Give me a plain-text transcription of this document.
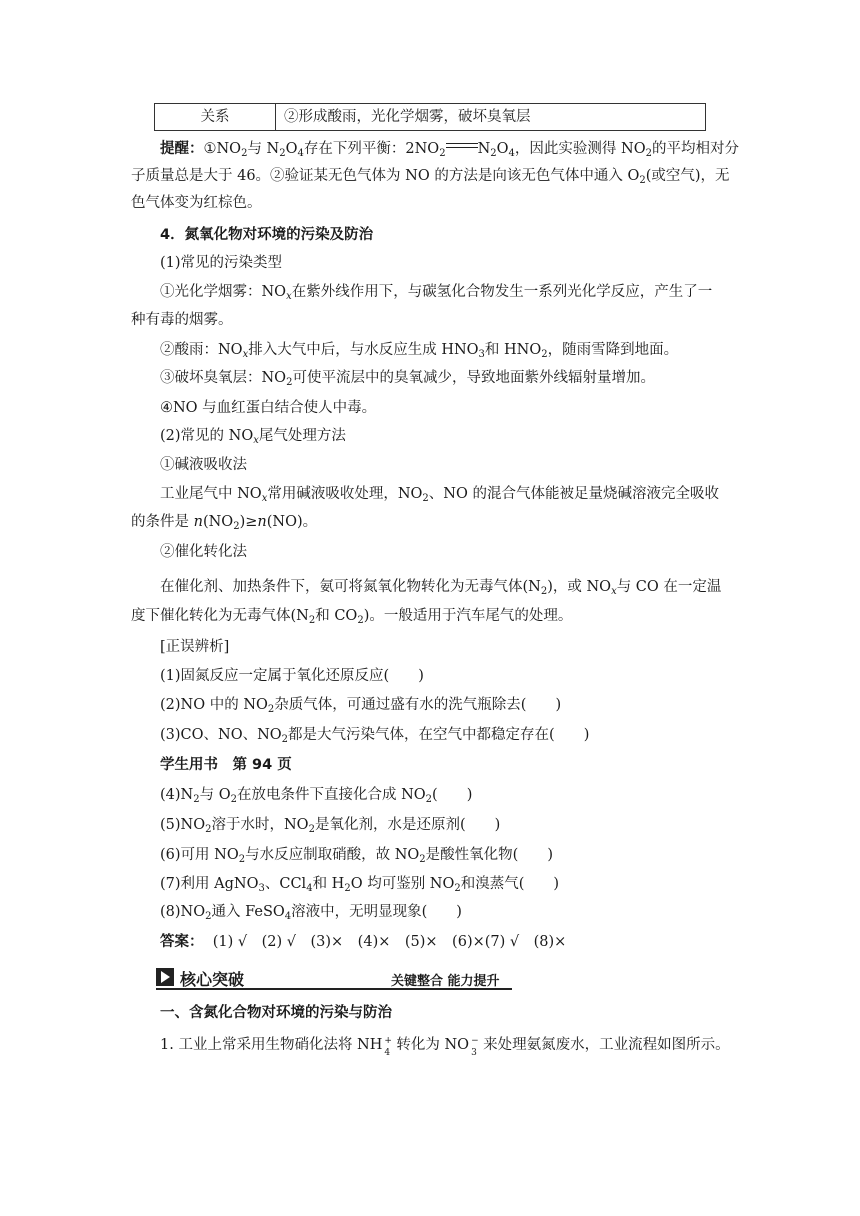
关系	②形成酸雨，光化学烟雾，破坏臭氧层
提醒：$①NO_2$与 $N_2O_4$存在下列平衡：$2NO_2$ $N_2O_4$，因此实验测得 $NO_2$的平均相对分
子质量总是大于 46。②验证某无色气体为 NO 的方法是向该无色气体中通入 $O_2$(或空气)，无
色气体变为红棕色。
4．氮氧化物对环境的污染及防治
(1)常见的污染类型
①光化学烟雾：$NO_x$在紫外线作用下，与碳氢化合物发生一系列光化学反应，产生了一
种有毒的烟雾。
②酸雨：$NO_x$排入大气中后，与水反应生成 $HNO_3$和 $HNO_2$，随雨雪降到地面。
③破坏臭氧层：$NO_2$可使平流层中的臭氧减少，导致地面紫外线辐射量增加。
④NO 与血红蛋白结合使人中毒。
(2)常见的 $NO_x$尾气处理方法
①碱液吸收法
工业尾气中 $NO_x$常用碱液吸收处理，$NO_2$、NO 的混合气体能被足量烧碱溶液完全吸收
的条件是 $n(NO_2)\ge n(NO)$。
②催化转化法
在催化剂、加热条件下，氨可将氮氧化物转化为无毒气体$(N_2)$，或 $NO_x$与 CO 在一定温
度下催化转化为无毒气体($N_2$和 $CO_2$)。一般适用于汽车尾气的处理。
[正误辨析]
(1)固氮反应一定属于氧化还原反应(　　)
(2)NO 中的 $NO_2$杂质气体，可通过盛有水的洗气瓶除去(　　)
(3)CO、NO、$NO_2$都是大气污染气体，在空气中都稳定存在(　　)
学生用书　第 94 页
$(4)N_2$与 $O_2$在放电条件下直接化合成 $NO_2$(　　)
$(5)NO_2$溶于水时，$NO_2$是氧化剂，水是还原剂(　　)
(6)可用 $NO_2$与水反应制取硝酸，故 $NO_2$是酸性氧化物(　　)
(7)利用 AgNO$_3$、CCl$_4$和 $H_2O$ 均可鉴别 $NO_2$和溴蒸气(　　)
$(8)NO_2$通入 FeSO$_4$溶液中，无明显现象(　　)
答案： (1) √　(2) √　(3)×　(4)×　(5)×　(6)×(7) √　(8)×
核心突破	关键整合 能力提升
一、含氮化合物对环境的污染与防治
1. 工业上常采用生物硝化法将 NH +
4 转化为 NO −
3 来处理氨氮废水，工业流程如图所示。
